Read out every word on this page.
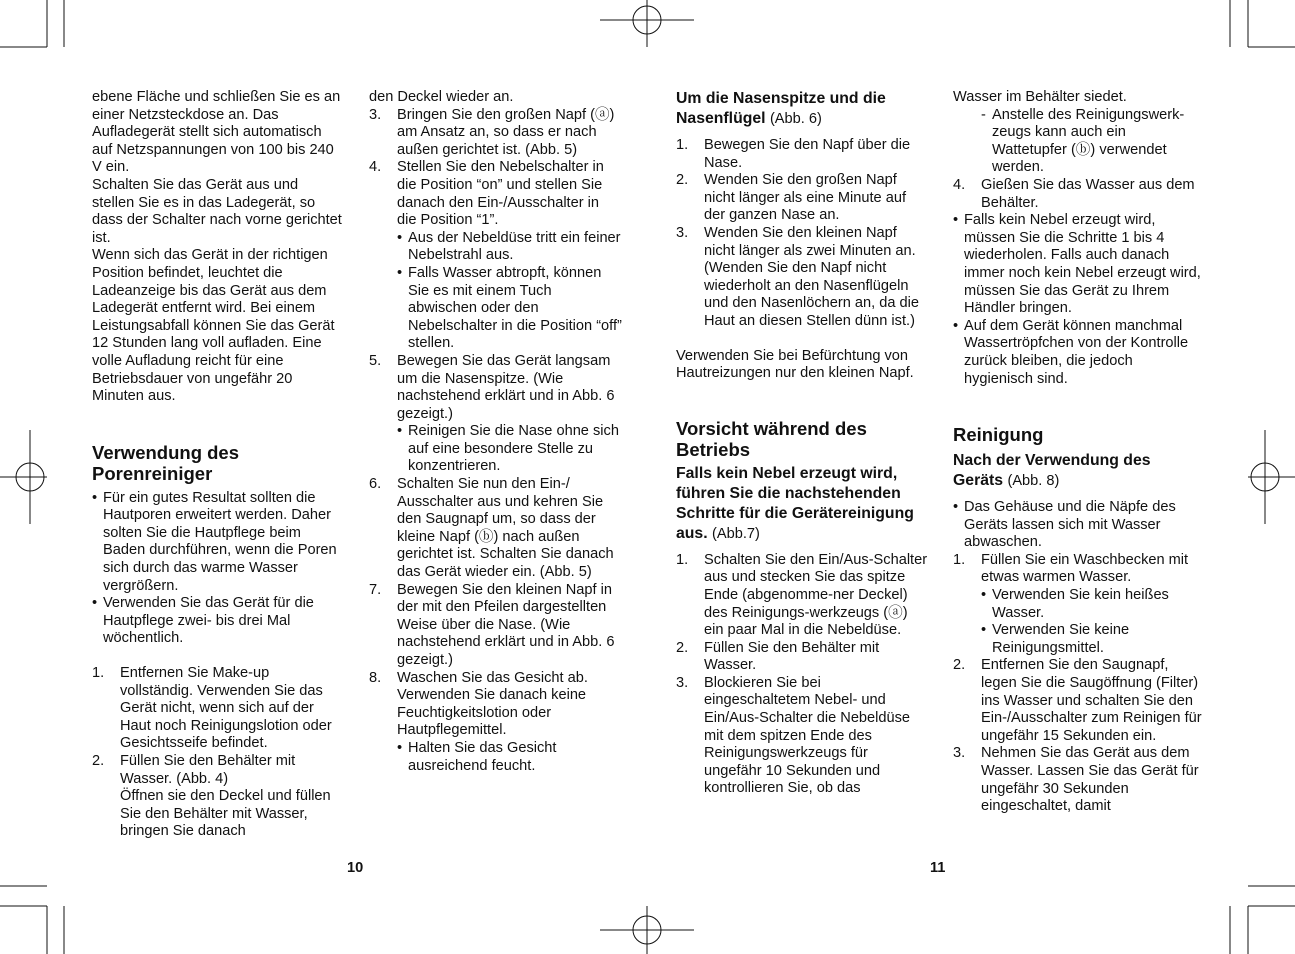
ebene Fläche und schließen Sie es an einer Netzsteckdose an. Das Aufladegerät stellt sich automatisch auf Netzspannungen von 100 bis 240 V ein.

Schalten Sie das Gerät aus und stellen Sie es in das Ladegerät, so dass der Schalter nach vorne gerichtet ist.

Wenn sich das Gerät in der richtigen Position befindet, leuchtet die Ladeanzeige bis das Gerät aus dem Ladegerät entfernt wird. Bei einem Leistungsabfall können Sie das Gerät 12 Stunden lang voll aufladen. Eine volle Aufladung reicht für eine Betriebsdauer von ungefähr 20 Minuten aus.

Verwendung des Porenreiniger

• Für ein gutes Resultat sollten die Hautporen erweitert werden. Daher solten Sie die Hautpflege beim Baden durchführen, wenn die Poren sich durch das warme Wasser vergrößern.
• Verwenden Sie das Gerät für die Hautpflege zwei- bis drei Mal wöchentlich.
1. Entfernen Sie Make-up vollständig. Verwenden Sie das Gerät nicht, wenn sich auf der Haut noch Reinigungslotion oder Gesichtsseife befindet.
2. Füllen Sie den Behälter mit Wasser. (Abb. 4)
Öffnen sie den Deckel und füllen Sie den Behälter mit Wasser, bringen Sie danach

den Deckel wieder an.

3. Bringen Sie den großen Napf (ⓐ) am Ansatz an, so dass er nach außen gerichtet ist. (Abb. 5)
4. Stellen Sie den Nebelschalter in die Position “on” und stellen Sie danach den Ein-/Ausschalter in die Position “1”.
• Aus der Nebeldüse tritt ein feiner Nebelstrahl aus.
• Falls Wasser abtropft, können Sie es mit einem Tuch abwischen oder den Nebelschalter in die Position “off” stellen.
5. Bewegen Sie das Gerät langsam um die Nasenspitze. (Wie nachstehend erklärt und in Abb. 6 gezeigt.)
• Reinigen Sie die Nase ohne sich auf eine besondere Stelle zu konzentrieren.
6. Schalten Sie nun den Ein-/ Ausschalter aus und kehren Sie den Saugnapf um, so dass der kleine Napf (ⓑ) nach außen gerichtet ist. Schalten Sie danach das Gerät wieder ein. (Abb. 5)
7. Bewegen Sie den kleinen Napf in der mit den Pfeilen dargestellten Weise über die Nase. (Wie nachstehend erklärt und in Abb. 6 gezeigt.)
8. Waschen Sie das Gesicht ab. Verwenden Sie danach keine Feuchtigkeitslotion oder Hautpflegemittel.
• Halten Sie das Gesicht ausreichend feucht.
10

Um die Nasenspitze und die Nasenflügel (Abb. 6)

1. Bewegen Sie den Napf über die Nase.
2. Wenden Sie den großen Napf nicht länger als eine Minute auf der ganzen Nase an.
3. Wenden Sie den kleinen Napf nicht länger als zwei Minuten an. (Wenden Sie den Napf nicht wiederholt an den Nasenflügeln und den Nasenlöchern an, da die Haut an diesen Stellen dünn ist.)

Verwenden Sie bei Befürchtung von Hautreizungen nur den kleinen Napf.

Vorsicht während des Betriebs

Falls kein Nebel erzeugt wird, führen Sie die nachstehenden Schritte für die Gerätereinigung aus. (Abb.7)

1. Schalten Sie den Ein/Aus-Schalter aus und stecken Sie das spitze Ende (abgenomme-ner Deckel) des Reinigungs-werkzeugs (ⓐ) ein paar Mal in die Nebeldüse.
2. Füllen Sie den Behälter mit Wasser.
3. Blockieren Sie bei eingeschaltetem Nebel- und Ein/Aus-Schalter die Nebeldüse mit dem spitzen Ende des Reinigungswerkzeugs für ungefähr 10 Sekunden und kontrollieren Sie, ob das

Wasser im Behälter siedet.

- Anstelle des Reinigungswerk-zeugs kann auch ein Wattetupfer (ⓑ) verwendet werden.
4. Gießen Sie das Wasser aus dem Behälter.
• Falls kein Nebel erzeugt wird, müssen Sie die Schritte 1 bis 4 wiederholen. Falls auch danach immer noch kein Nebel erzeugt wird, müssen Sie das Gerät zu Ihrem Händler bringen.
• Auf dem Gerät können manchmal Wassertröpfchen von der Kontrolle zurück bleiben, die jedoch hygienisch sind.

Reinigung

Nach der Verwendung des Geräts (Abb. 8)

• Das Gehäuse und die Näpfe des Geräts lassen sich mit Wasser abwaschen.
1. Füllen Sie ein Waschbecken mit etwas warmen Wasser.
• Verwenden Sie kein heißes Wasser.
• Verwenden Sie keine Reinigungsmittel.
2. Entfernen Sie den Saugnapf, legen Sie die Saugöffnung (Filter) ins Wasser und schalten Sie den Ein-/Ausschalter zum Reinigen für ungefähr 15 Sekunden ein.
3. Nehmen Sie das Gerät aus dem Wasser. Lassen Sie das Gerät für ungefähr 30 Sekunden eingeschaltet, damit
11
